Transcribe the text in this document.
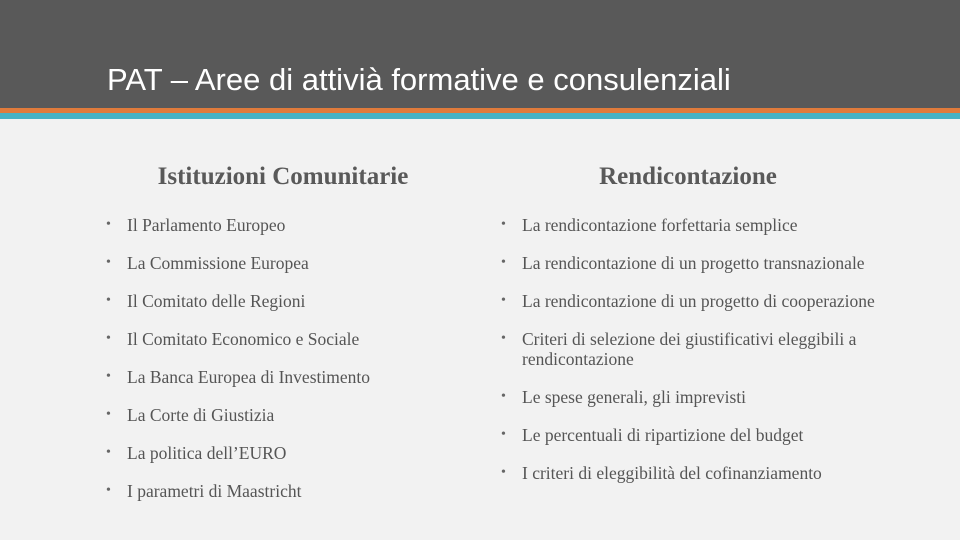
PAT – Aree di attivià formative e consulenziali
Istituzioni Comunitarie
• Il Parlamento Europeo
• La Commissione Europea
• Il Comitato delle Regioni
• Il Comitato Economico e Sociale
• La Banca Europea di Investimento
• La Corte di Giustizia
• La politica dell’EURO
• I parametri di Maastricht
Rendicontazione
• La rendicontazione forfettaria semplice
• La rendicontazione di un progetto transnazionale
• La rendicontazione di un progetto di cooperazione
• Criteri di selezione dei giustificativi eleggibili a rendicontazione
• Le spese generali, gli imprevisti
• Le percentuali di ripartizione del budget
• I criteri di eleggibilità del cofinanziamento
